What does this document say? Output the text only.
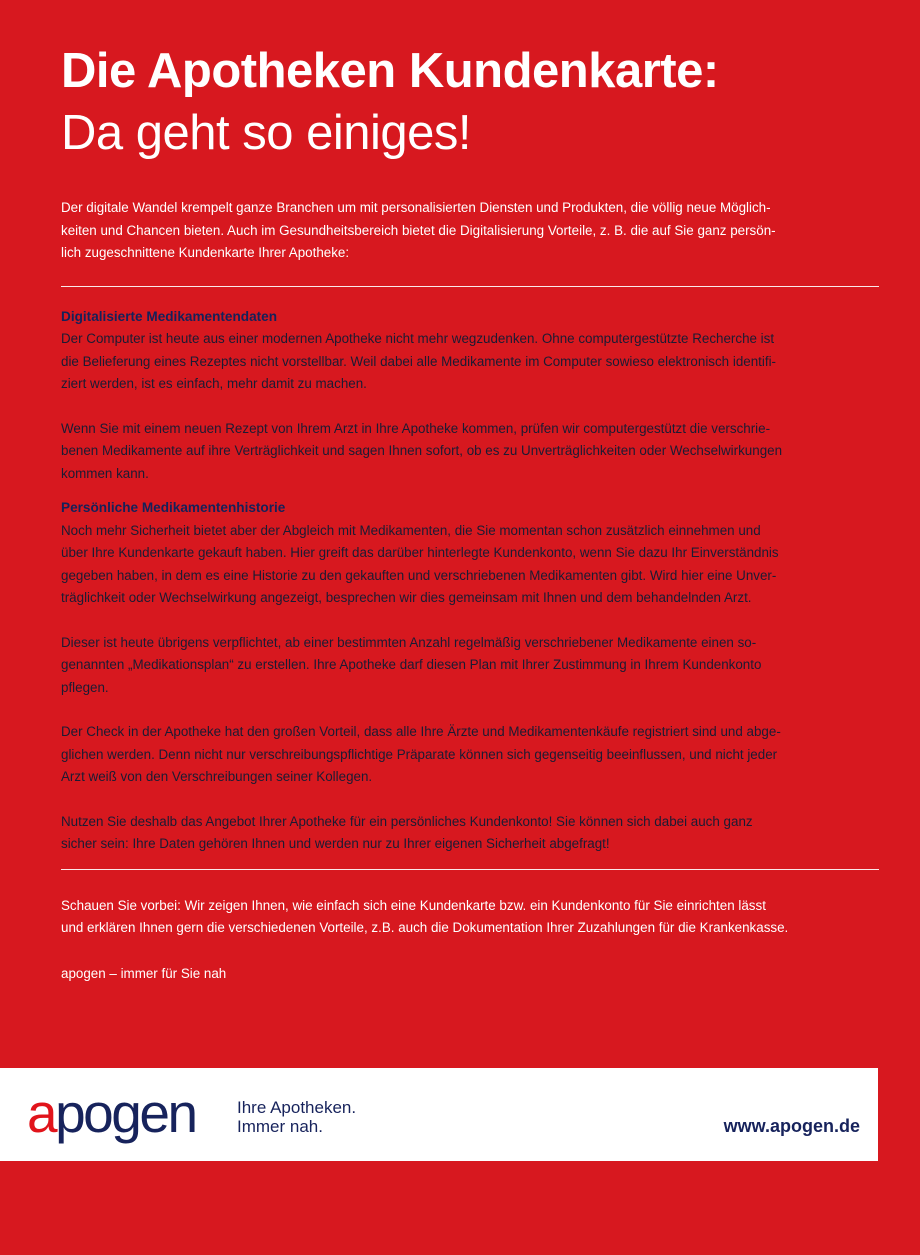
Die Apotheken Kundenkarte:
Da geht so einiges!
Der digitale Wandel krempelt ganze Branchen um mit personalisierten Diensten und Produkten, die völlig neue Möglich-
keiten und Chancen bieten. Auch im Gesundheitsbereich bietet die Digitalisierung Vorteile, z. B. die auf Sie ganz persön-
lich zugeschnittene Kundenkarte Ihrer Apotheke:
Digitalisierte Medikamentendaten
Der Computer ist heute aus einer modernen Apotheke nicht mehr wegzudenken. Ohne computergestützte Recherche ist
die Belieferung eines Rezeptes nicht vorstellbar. Weil dabei alle Medikamente im Computer sowieso elektronisch identifi-
ziert werden, ist es einfach, mehr damit zu machen.
Wenn Sie mit einem neuen Rezept von Ihrem Arzt in Ihre Apotheke kommen, prüfen wir computergestützt die verschrie-
benen Medikamente auf ihre Verträglichkeit und sagen Ihnen sofort, ob es zu Unverträglichkeiten oder Wechselwirkungen
kommen kann.
Persönliche Medikamentenhistorie
Noch mehr Sicherheit bietet aber der Abgleich mit Medikamenten, die Sie momentan schon zusätzlich einnehmen und
über Ihre Kundenkarte gekauft haben. Hier greift das darüber hinterlegte Kundenkonto, wenn Sie dazu Ihr Einverständnis
gegeben haben, in dem es eine Historie zu den gekauften und verschriebenen Medikamenten gibt. Wird hier eine Unver-
träglichkeit oder Wechselwirkung angezeigt, besprechen wir dies gemeinsam mit Ihnen und dem behandelnden Arzt.
Dieser ist heute übrigens verpflichtet, ab einer bestimmten Anzahl regelmäßig verschriebener Medikamente einen so-
genannten „Medikationsplan“ zu erstellen. Ihre Apotheke darf diesen Plan mit Ihrer Zustimmung in Ihrem Kundenkonto
pflegen.
Der Check in der Apotheke hat den großen Vorteil, dass alle Ihre Ärzte und Medikamentenkäufe registriert sind und abge-
glichen werden. Denn nicht nur verschreibungspflichtige Präparate können sich gegenseitig beeinflussen, und nicht jeder
Arzt weiß von den Verschreibungen seiner Kollegen.
Nutzen Sie deshalb das Angebot Ihrer Apotheke für ein persönliches Kundenkonto! Sie können sich dabei auch ganz
sicher sein: Ihre Daten gehören Ihnen und werden nur zu Ihrer eigenen Sicherheit abgefragt!
Schauen Sie vorbei: Wir zeigen Ihnen, wie einfach sich eine Kundenkarte bzw. ein Kundenkonto für Sie einrichten lässt
und erklären Ihnen gern die verschiedenen Vorteile, z.B. auch die Dokumentation Ihrer Zuzahlungen für die Krankenkasse.
apogen – immer für Sie nah
apogen Ihre Apotheken.
Immer nah.	www.apogen.de
